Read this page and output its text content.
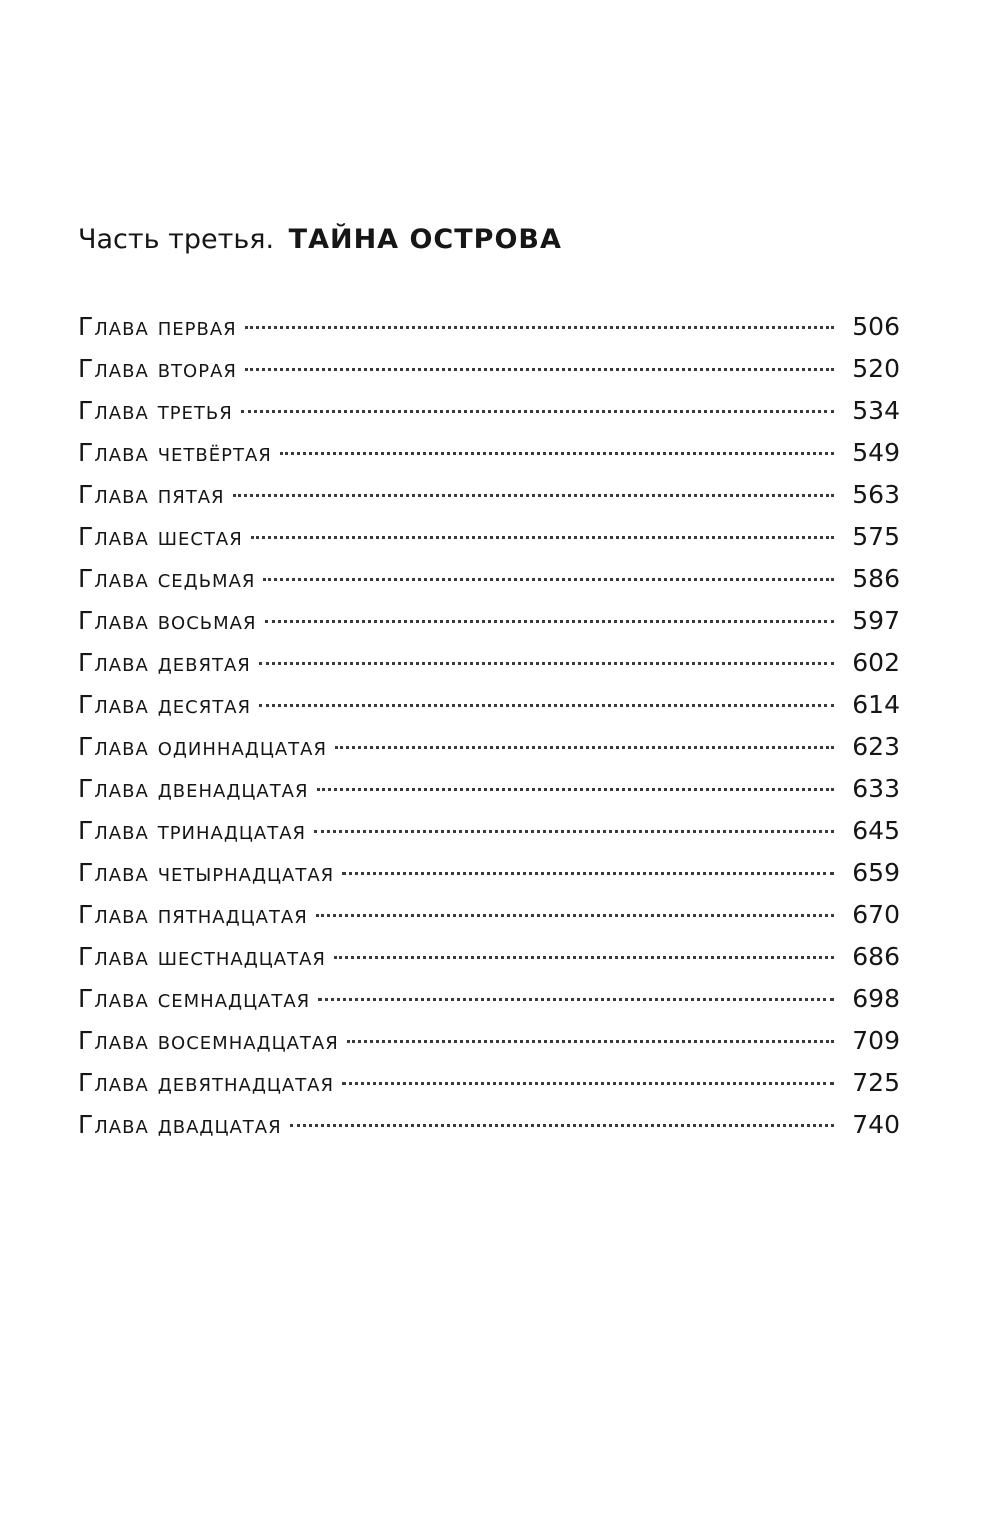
Часть третья. ТАЙНА ОСТРОВА
Глава первая	506
Глава вторая	520
Глава третья	534
Глава четвёртая	549
Глава пятая	563
Глава шестая	575
Глава седьмая	586
Глава восьмая	597
Глава девятая	602
Глава десятая	614
Глава одиннадцатая	623
Глава двенадцатая	633
Глава тринадцатая	645
Глава четырнадцатая	659
Глава пятнадцатая	670
Глава шестнадцатая	686
Глава семнадцатая	698
Глава восемнадцатая	709
Глава девятнадцатая	725
Глава двадцатая	740
